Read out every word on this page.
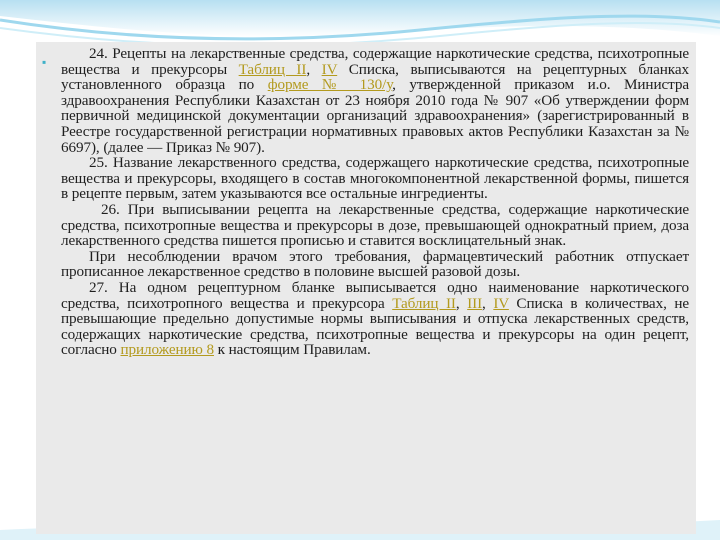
▪	24. Рецепты на лекарственные средства, содержащие наркотические средства, психотропные вещества и прекурсоры Таблиц II, IV Списка, выписываются на рецептурных бланках установленного образца по форме № 130/у, утвержденной приказом и.о. Министра здравоохранения Республики Казахстан от 23 ноября 2010 года № 907 «Об утверждении форм первичной медицинской документации организаций здравоохранения» (зарегистрированный в Реестре государственной регистрации нормативных правовых актов Республики Казахстан за № 6697), (далее — Приказ № 907).

25. Название лекарственного средства, содержащего наркотические средства, психотропные вещества и прекурсоры, входящего в состав многокомпонентной лекарственной формы, пишется в рецепте первым, затем указываются все остальные ингредиенты.

26. При выписывании рецепта на лекарственные средства, содержащие наркотические средства, психотропные вещества и прекурсоры в дозе, превышающей однократный прием, доза лекарственного средства пишется прописью и ставится восклицательный знак.

При несоблюдении врачом этого требования, фармацевтический работник отпускает прописанное лекарственное средство в половине высшей разовой дозы.

27. На одном рецептурном бланке выписывается одно наименование наркотического средства, психотропного вещества и прекурсора Таблиц II, III, IV Списка в количествах, не превышающие предельно допустимые нормы выписывания и отпуска лекарственных средств, содержащих наркотические средства, психотропные вещества и прекурсоры на один рецепт, согласно приложению 8 к настоящим Правилам.
